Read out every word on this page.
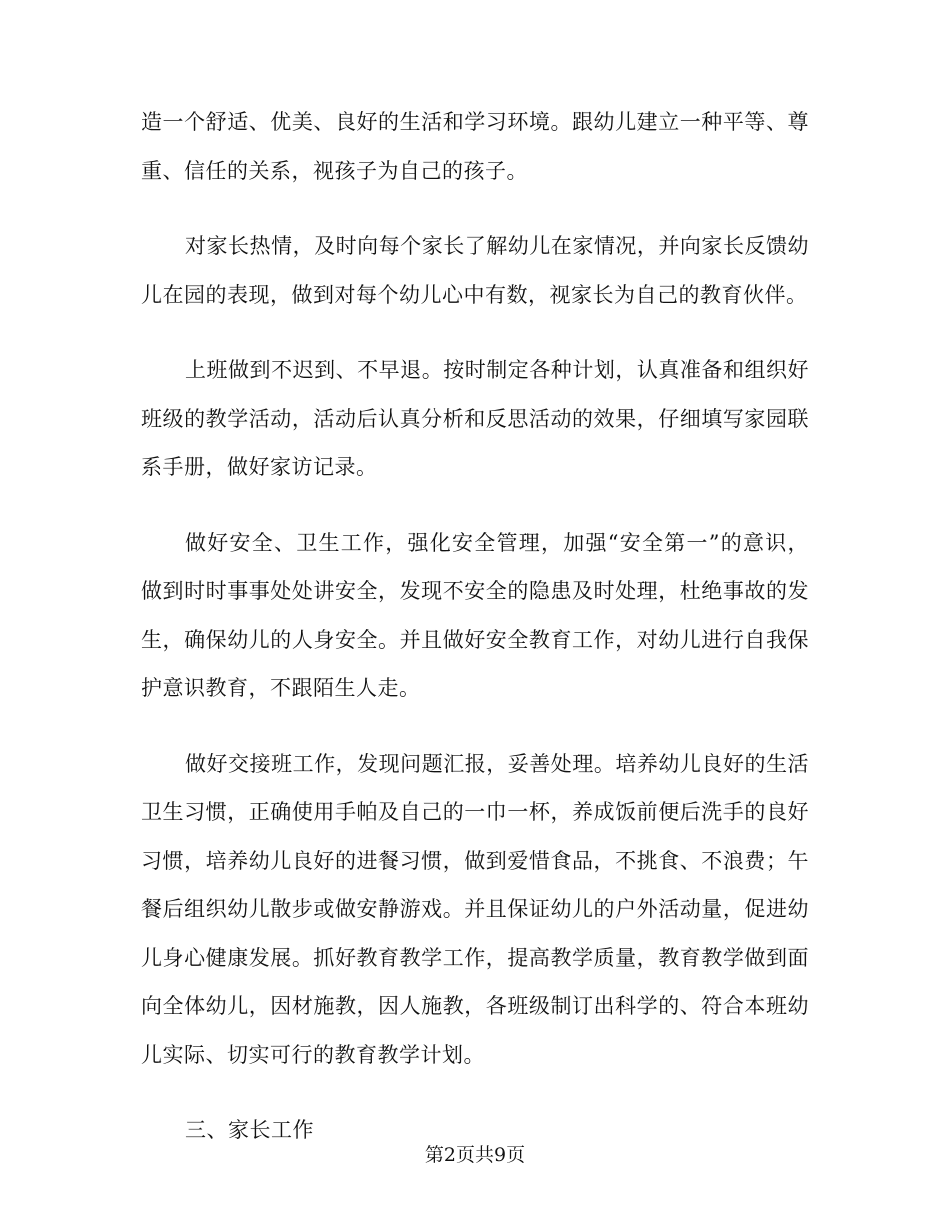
造一个舒适、优美、良好的生活和学习环境。跟幼儿建立一种平等、尊重、信任的关系，视孩子为自己的孩子。

对家长热情，及时向每个家长了解幼儿在家情况，并向家长反馈幼儿在园的表现，做到对每个幼儿心中有数，视家长为自己的教育伙伴。

上班做到不迟到、不早退。按时制定各种计划，认真准备和组织好班级的教学活动，活动后认真分析和反思活动的效果，仔细填写家园联系手册，做好家访记录。

做好安全、卫生工作，强化安全管理，加强“安全第一”的意识，做到时时事事处处讲安全，发现不安全的隐患及时处理，杜绝事故的发生，确保幼儿的人身安全。并且做好安全教育工作，对幼儿进行自我保护意识教育，不跟陌生人走。

做好交接班工作，发现问题汇报，妥善处理。培养幼儿良好的生活卫生习惯，正确使用手帕及自己的一巾一杯，养成饭前便后洗手的良好习惯，培养幼儿良好的进餐习惯，做到爱惜食品，不挑食、不浪费；午餐后组织幼儿散步或做安静游戏。并且保证幼儿的户外活动量，促进幼儿身心健康发展。抓好教育教学工作，提高教学质量，教育教学做到面向全体幼儿，因材施教，因人施教，各班级制订出科学的、符合本班幼儿实际、切实可行的教育教学计划。

三、家长工作

第2页共9页
